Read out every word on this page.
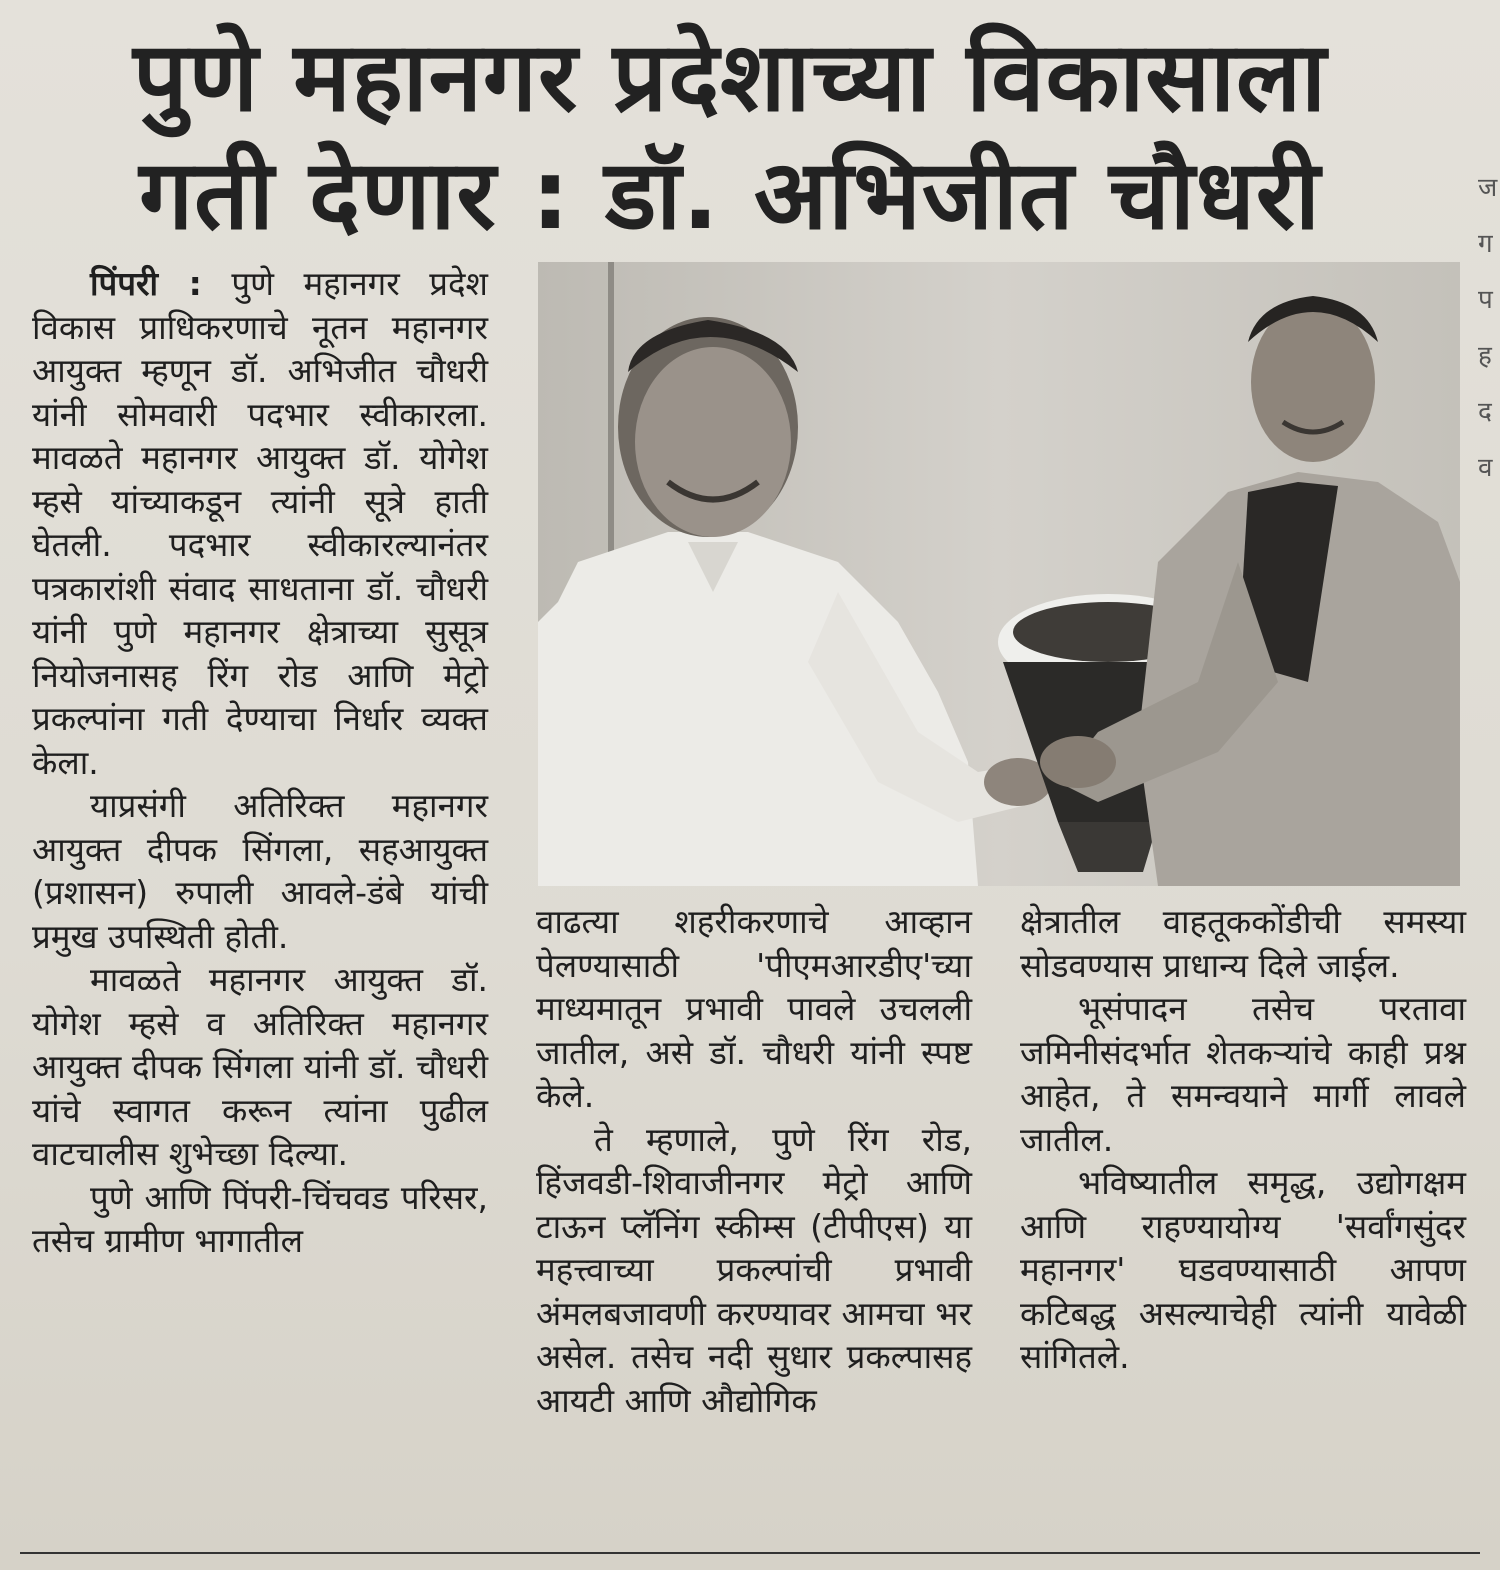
पुणे महानगर प्रदेशाच्या विकासाला
गती देणार : डॉ. अभिजीत चौधरी

पिंपरी : पुणे महानगर प्रदेश विकास प्राधिकरणाचे नूतन महानगर आयुक्त म्हणून डॉ. अभिजीत चौधरी यांनी सोमवारी पदभार स्वीकारला. मावळते महानगर आयुक्त डॉ. योगेश म्हसे यांच्याकडून त्यांनी सूत्रे हाती घेतली. पदभार स्वीकारल्यानंतर पत्रकारांशी संवाद साधताना डॉ. चौधरी यांनी पुणे महानगर क्षेत्राच्या सुसूत्र नियोजनासह रिंग रोड आणि मेट्रो प्रकल्पांना गती देण्याचा निर्धार व्यक्त केला.

याप्रसंगी अतिरिक्त महानगर आयुक्त दीपक सिंगला, सहआयुक्त (प्रशासन) रुपाली आवले-डंबे यांची प्रमुख उपस्थिती होती.

मावळते महानगर आयुक्त डॉ. योगेश म्हसे व अतिरिक्त महानगर आयुक्त दीपक सिंगला यांनी डॉ. चौधरी यांचे स्वागत करून त्यांना पुढील वाटचालीस शुभेच्छा दिल्या.

पुणे आणि पिंपरी-चिंचवड परिसर, तसेच ग्रामीण भागातील

वाढत्या शहरीकरणाचे आव्हान पेलण्यासाठी 'पीएमआरडीए'च्या माध्यमातून प्रभावी पावले उचलली जातील, असे डॉ. चौधरी यांनी स्पष्ट केले.

ते म्हणाले, पुणे रिंग रोड, हिंजवडी-शिवाजीनगर मेट्रो आणि टाऊन प्लॅनिंग स्कीम्स (टीपीएस) या महत्त्वाच्या प्रकल्पांची प्रभावी अंमलबजावणी करण्यावर आमचा भर असेल. तसेच नदी सुधार प्रकल्पासह आयटी आणि औद्योगिक

क्षेत्रातील वाहतूककोंडीची समस्या सोडवण्यास प्राधान्य दिले जाईल.

भूसंपादन तसेच परतावा जमिनीसंदर्भात शेतकऱ्यांचे काही प्रश्न आहेत, ते समन्वयाने मार्गी लावले जातील.

भविष्यातील समृद्ध, उद्योगक्षम आणि राहण्यायोग्य 'सर्वांगसुंदर महानगर' घडवण्यासाठी आपण कटिबद्ध असल्याचेही त्यांनी यावेळी सांगितले.

ज
ग
प
ह
द
व
